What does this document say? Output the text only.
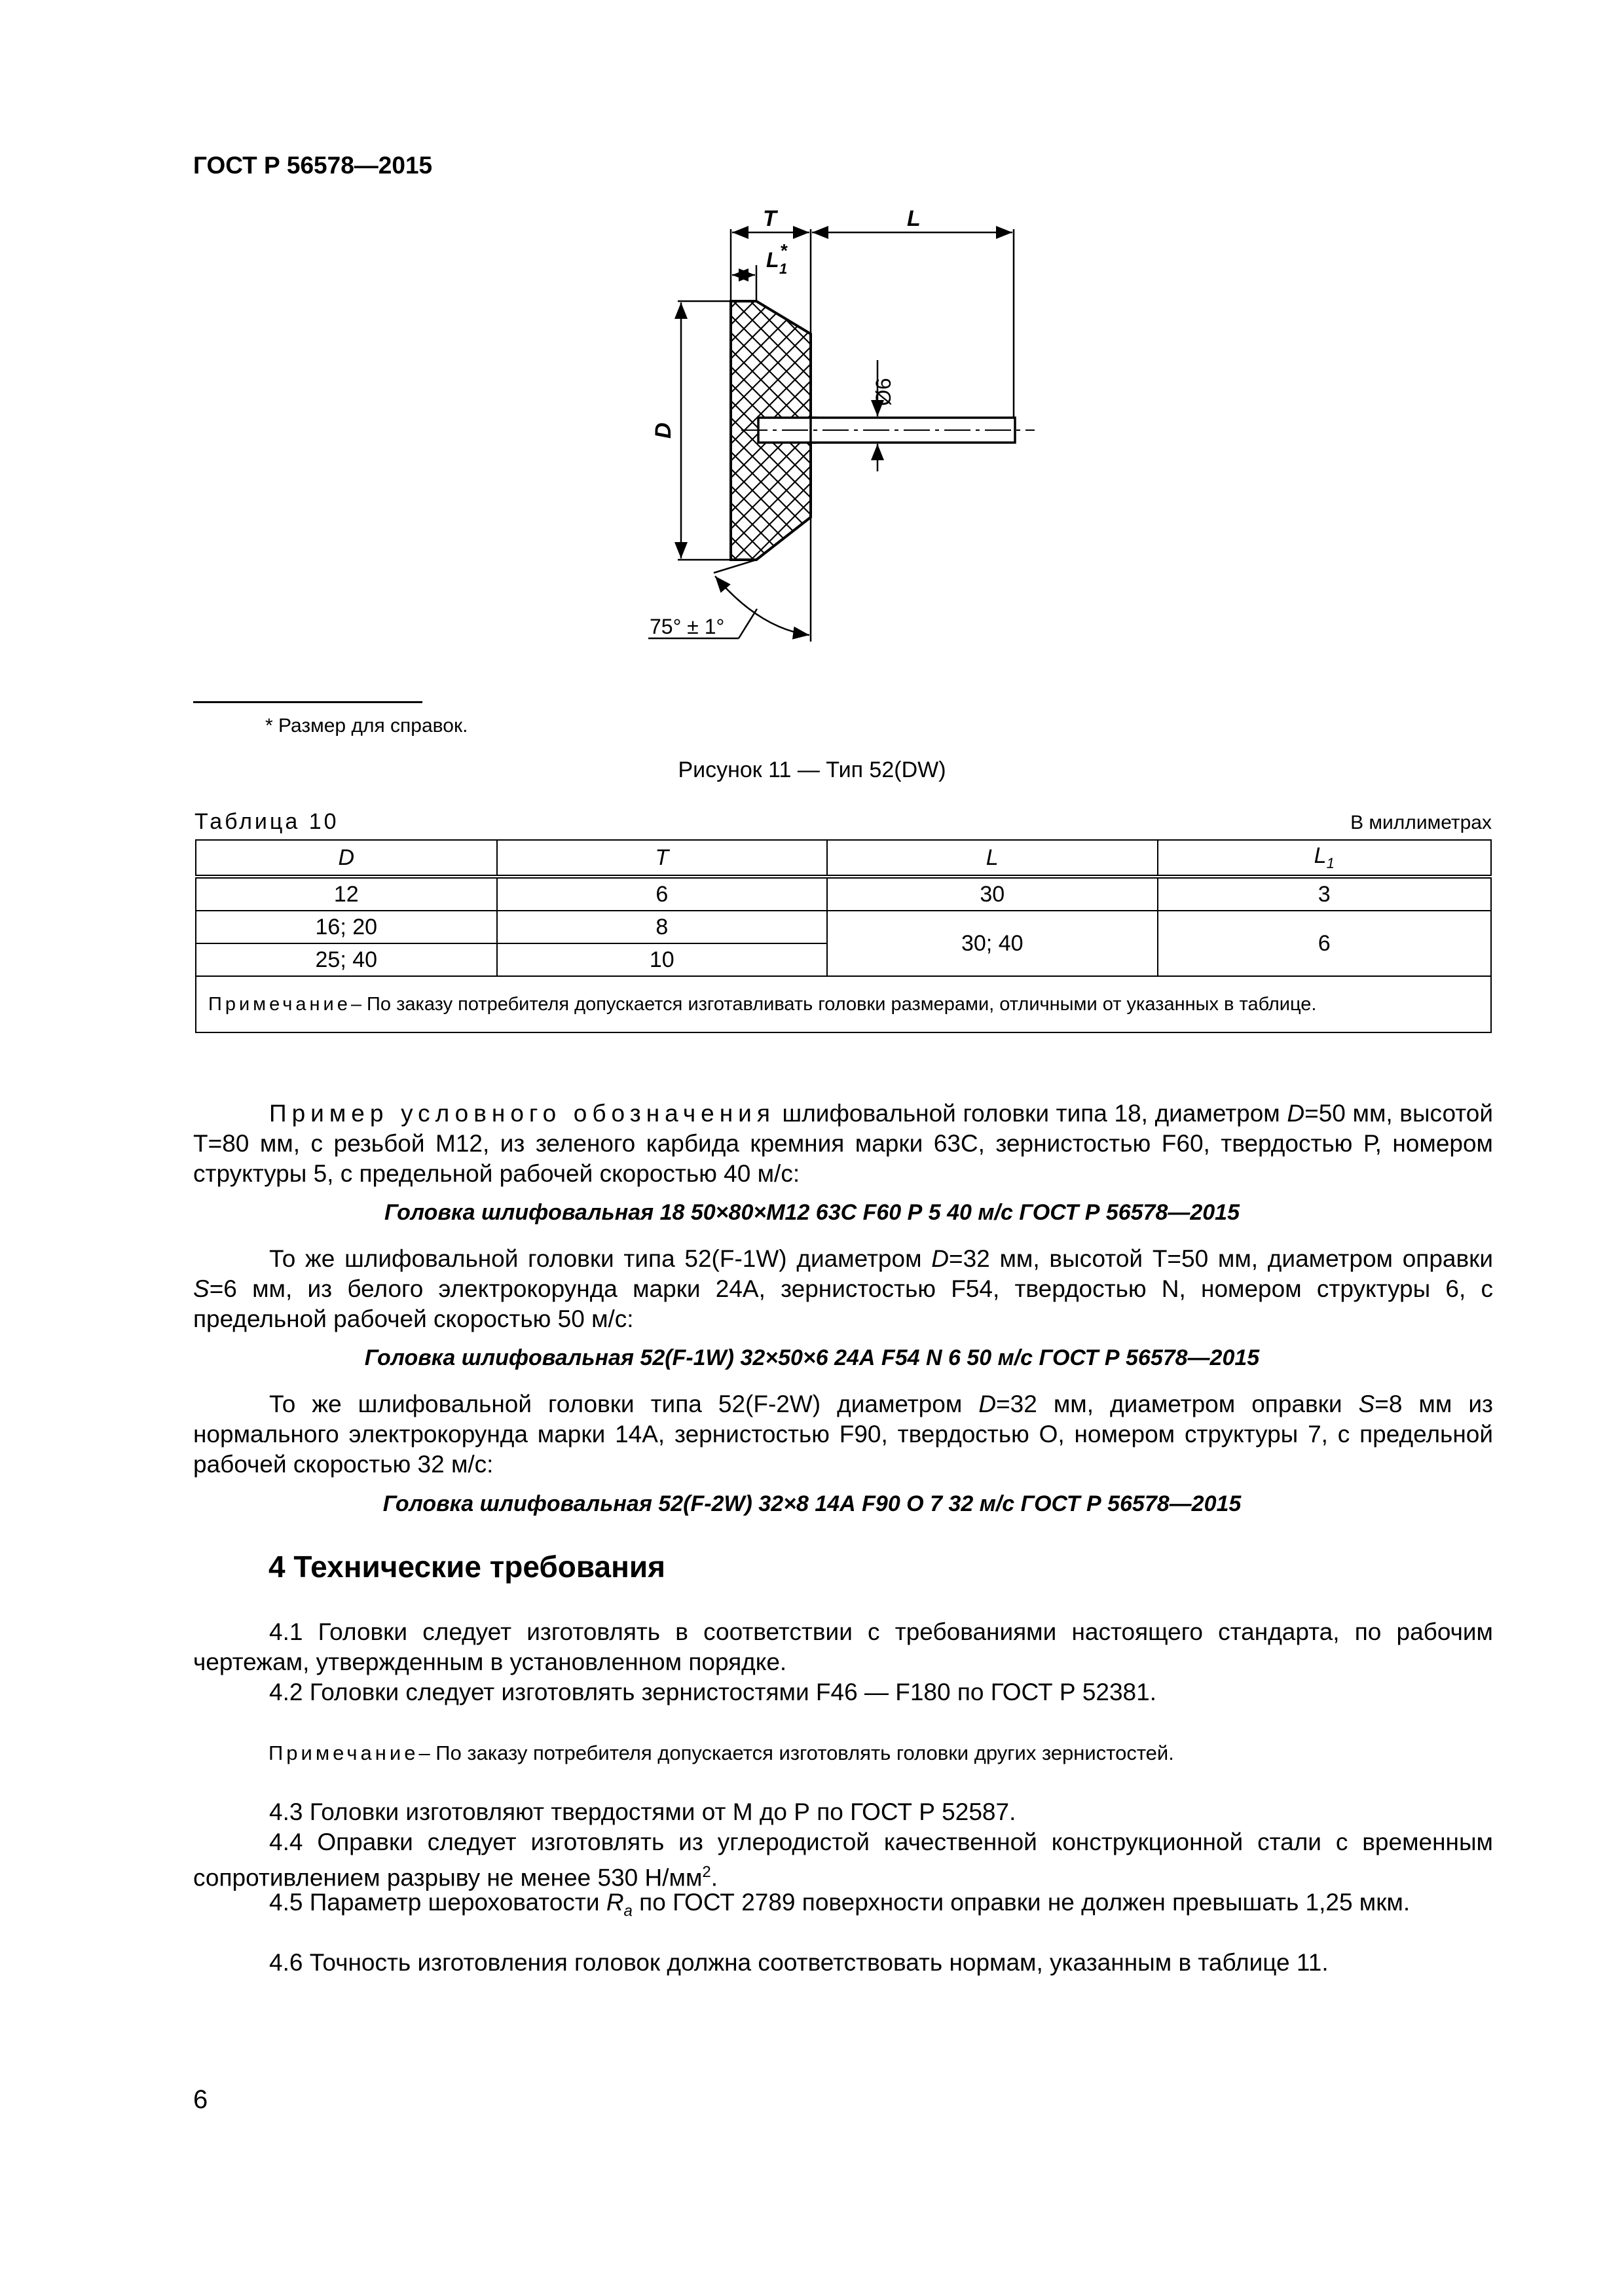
ГОСТ Р 56578—2015
T	L
L 1
*
D
Ø6
75° ± 1°
* Размер для справок.
Рисунок 11 — Тип 52(DW)
Таблица 10	В миллиметрах
D	T	L	$L_1$
12	6	30	3
16; 20	8	30; 40	6
25; 40	10		
Примечание– По заказу потребителя допускается изготавливать головки размерами, отличными от указанных в таблице.			
Пример условного обозначения шлифовальной головки типа 18, диаметром D=50 мм, высотой Т=80 мм, с резьбой М12, из зеленого карбида кремния марки 63С, зернистостью F60, твердостью Р, номером структуры 5, с предельной рабочей скоростью 40 м/с:
Головка шлифовальная 18 50×80×М12 63С F60 Р 5 40 м/с ГОСТ Р 56578—2015
То же шлифовальной головки типа 52(F-1W) диаметром D=32 мм, высотой Т=50 мм, диаметром оправки S=6 мм, из белого электрокорунда марки 24А, зернистостью F54, твердостью N, номером структуры 6, с предельной рабочей скоростью 50 м/с:
Головка шлифовальная 52(F-1W) 32×50×6 24А F54 N 6 50 м/с ГОСТ Р 56578—2015
То же шлифовальной головки типа 52(F-2W) диаметром D=32 мм, диаметром оправки S=8 мм из нормального электрокорунда марки 14А, зернистостью F90, твердостью О, номером структуры 7, с предельной рабочей скоростью 32 м/с:
Головка шлифовальная 52(F-2W) 32×8 14А F90 О 7 32 м/с ГОСТ Р 56578—2015
4 Технические требования
4.1 Головки следует изготовлять в соответствии с требованиями настоящего стандарта, по рабочим чертежам, утвержденным в установленном порядке.
4.2 Головки следует изготовлять зернистостями F46 — F180 по ГОСТ Р 52381.
Примечание– По заказу потребителя допускается изготовлять головки других зернистостей.
4.3 Головки изготовляют твердостями от М до Р по ГОСТ Р 52587.
4.4 Оправки следует изготовлять из углеродистой качественной конструкционной стали с временным сопротивлением разрыву не менее 530 $Н/мм^2$.
4.5 Параметр шероховатости $R_a$ по ГОСТ 2789 поверхности оправки не должен превышать 1,25 мкм.
4.6 Точность изготовления головок должна соответствовать нормам, указанным в таблице 11.
6
